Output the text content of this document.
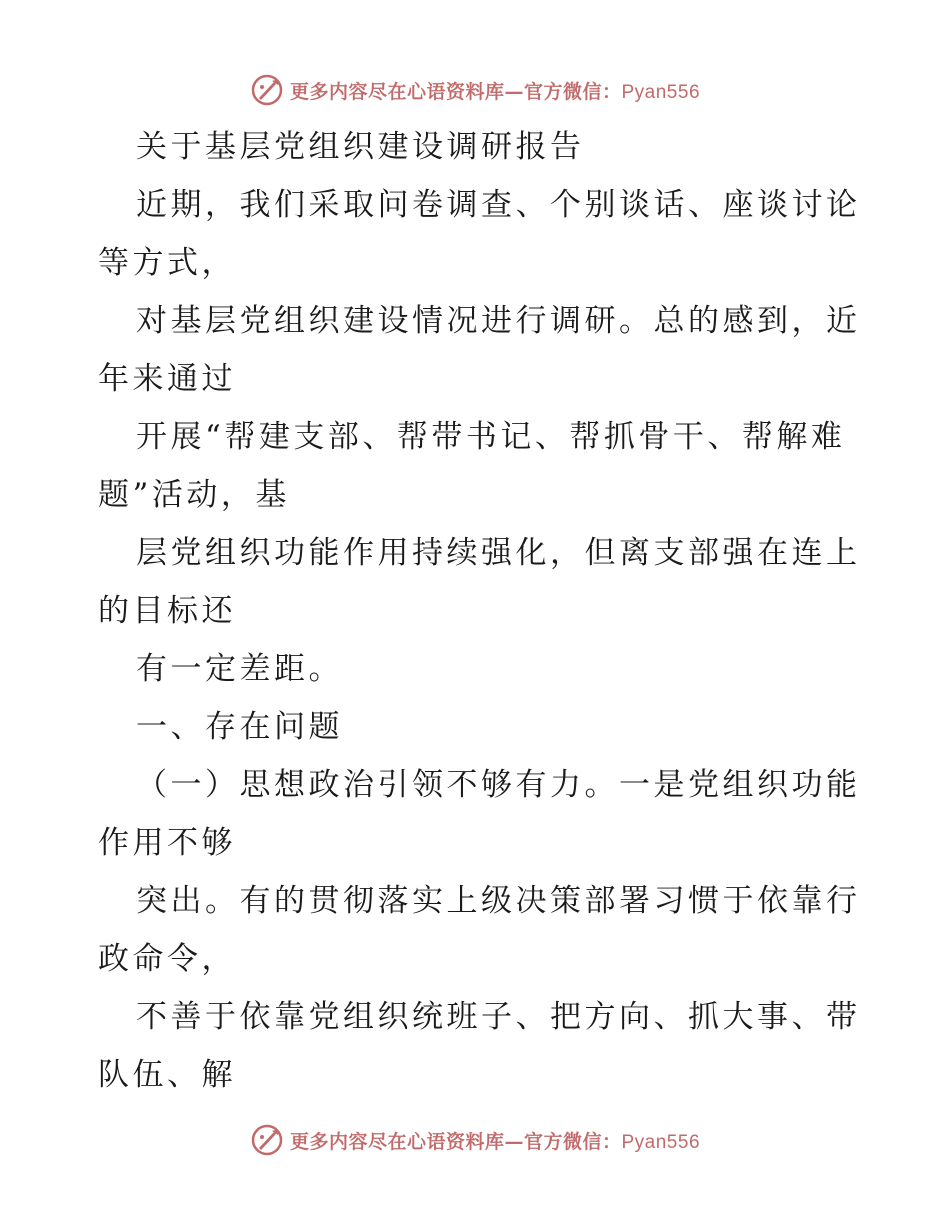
更多内容尽在心语资料库—官方微信：Pyan556
关于基层党组织建设调研报告
近期，我们采取问卷调查、个别谈话、座谈讨论
等方式，
对基层党组织建设情况进行调研。总的感到，近
年来通过
开展“帮建支部、帮带书记、帮抓骨干、帮解难
题”活动，基
层党组织功能作用持续强化，但离支部强在连上
的目标还
有一定差距。
一、存在问题
（一）思想政治引领不够有力。一是党组织功能
作用不够
突出。有的贯彻落实上级决策部署习惯于依靠行
政命令，
不善于依靠党组织统班子、把方向、抓大事、带
队伍、解
更多内容尽在心语资料库—官方微信：Pyan556
